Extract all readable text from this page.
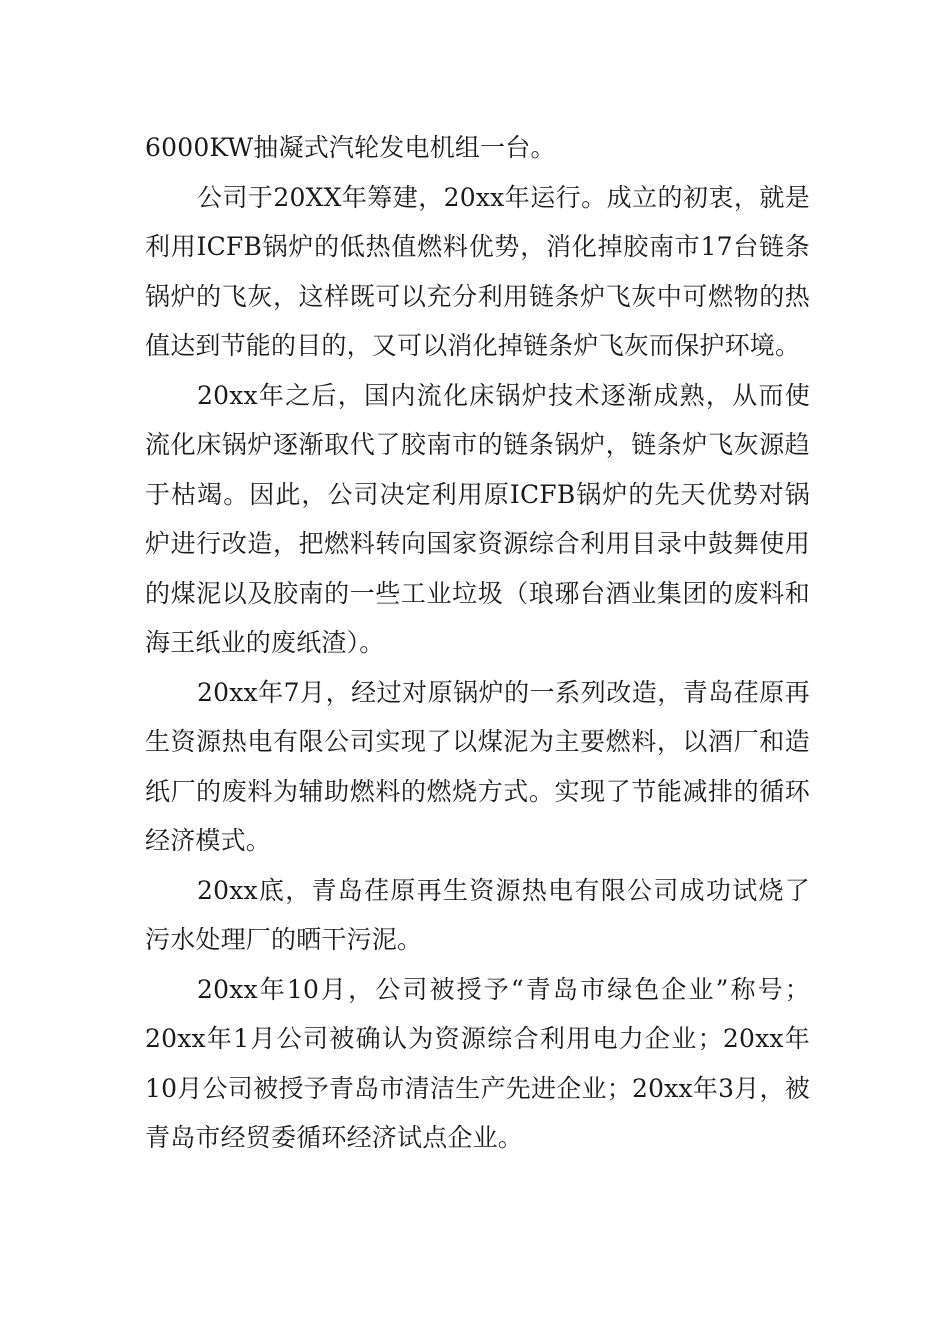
6000KW抽凝式汽轮发电机组一台。

公司于20XX年筹建，20xx年运行。成立的初衷，就是利用ICFB锅炉的低热值燃料优势，消化掉胶南市17台链条锅炉的飞灰，这样既可以充分利用链条炉飞灰中可燃物的热值达到节能的目的，又可以消化掉链条炉飞灰而保护环境。

20xx年之后，国内流化床锅炉技术逐渐成熟，从而使流化床锅炉逐渐取代了胶南市的链条锅炉，链条炉飞灰源趋于枯竭。因此，公司决定利用原ICFB锅炉的先天优势对锅炉进行改造，把燃料转向国家资源综合利用目录中鼓舞使用的煤泥以及胶南的一些工业垃圾（琅琊台酒业集团的废料和海王纸业的废纸渣）。

20xx年7月，经过对原锅炉的一系列改造，青岛荏原再生资源热电有限公司实现了以煤泥为主要燃料，以酒厂和造纸厂的废料为辅助燃料的燃烧方式。实现了节能减排的循环经济模式。

20xx底，青岛荏原再生资源热电有限公司成功试烧了污水处理厂的晒干污泥。

20xx年10月，公司被授予“青岛市绿色企业”称号；20xx年1月公司被确认为资源综合利用电力企业；20xx年10月公司被授予青岛市清洁生产先进企业；20xx年3月，被青岛市经贸委循环经济试点企业。
